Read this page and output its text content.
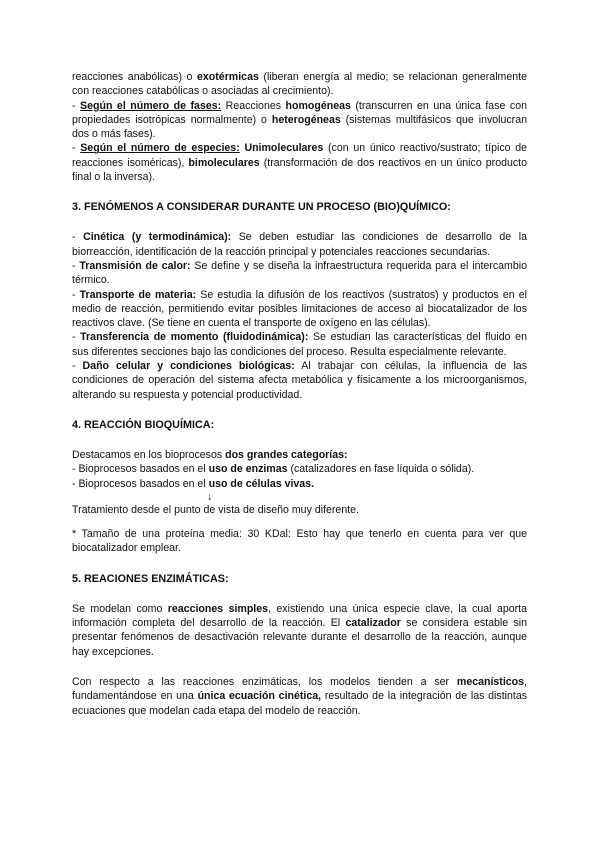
reacciones anabólicas) o exotérmicas (liberan energía al medio; se relacionan generalmente con reacciones catabólicas o asociadas al crecimiento).

- Según el número de fases: Reacciones homogéneas (transcurren en una única fase con propiedades isotrópicas normalmente) o heterogéneas (sistemas multifásicos que involucran dos o más fases).

- Según el número de especies: Unimoleculares (con un único reactivo/sustrato; típico de reacciones isoméricas), bimoleculares (transformación de dos reactivos en un único producto final o la inversa).

3. FENÓMENOS A CONSIDERAR DURANTE UN PROCESO (BIO)QUÍMICO:

- Cinética (y termodinámica): Se deben estudiar las condiciones de desarrollo de la biorreacción, identificación de la reacción principal y potenciales reacciones secundarias.

- Transmisión de calor: Se define y se diseña la infraestructura requerida para el intercambio térmico.

- Transporte de materia: Se estudia la difusión de los reactivos (sustratos) y productos en el medio de reacción, permitiendo evitar posibles limitaciones de acceso al biocatalizador de los reactivos clave. (Se tiene en cuenta el transporte de oxígeno en las células).

- Transferencia de momento (fluidodinámica): Se estudian las características del fluido en sus diferentes secciones bajo las condiciones del proceso. Resulta especialmente relevante.

- Daño celular y condiciones biológicas: Al trabajar con células, la influencia de las condiciones de operación del sistema afecta metabólica y físicamente a los microorganismos, alterando su respuesta y potencial productividad.

4. REACCIÓN BIOQUÍMICA:

Destacamos en los bioprocesos dos grandes categorías:

- Bioprocesos basados en el uso de enzimas (catalizadores en fase líquida o sólida).

- Bioprocesos basados en el uso de células vivas.

↓

Tratamiento desde el punto de vista de diseño muy diferente.

* Tamaño de una proteína media: 30 KDal: Esto hay que tenerlo en cuenta para ver que biocatalizador emplear.

5. REACIONES ENZIMÁTICAS:

Se modelan como reacciones simples, existiendo una única especie clave, la cual aporta información completa del desarrollo de la reacción. El catalizador se considera estable sin presentar fenómenos de desactivación relevante durante el desarrollo de la reacción, aunque hay excepciones.

Con respecto a las reacciones enzimáticas, los modelos tienden a ser mecanísticos, fundamentándose en una única ecuación cinética, resultado de la integración de las distintas ecuaciones que modelan cada etapa del modelo de reacción.
